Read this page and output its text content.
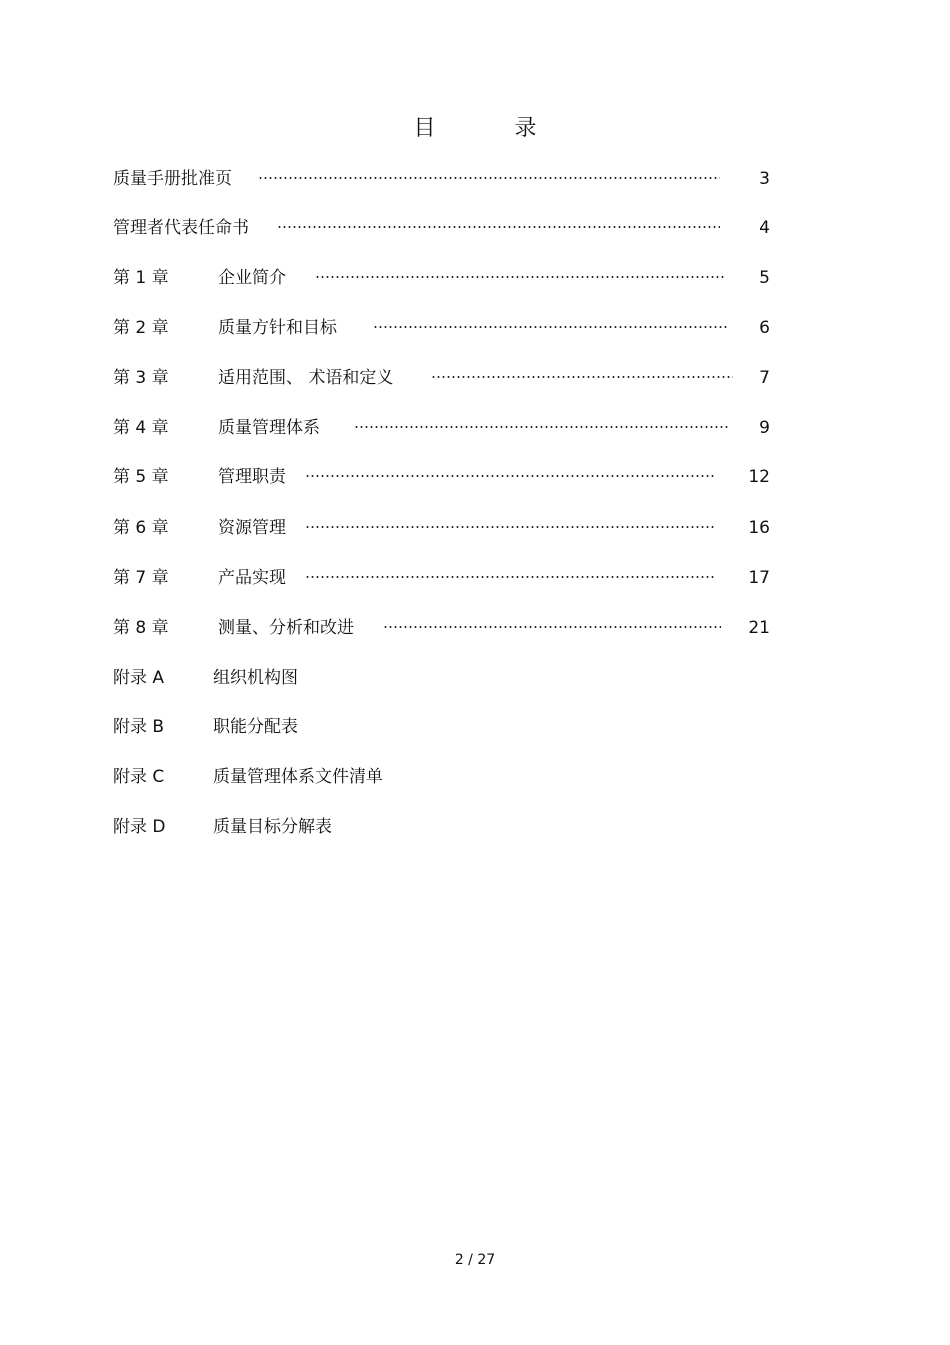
目 录
质量手册批准页	3
管理者代表任命书	4
第 1 章	企业简介	5
第 2 章	质量方针和目标	6
第 3 章	适用范围、 术语和定义	7
第 4 章	质量管理体系	9
第 5 章	管理职责	12
第 6 章	资源管理	16
第 7 章	产品实现	17
第 8 章	测量、分析和改进	21
附录 A	组织机构图
附录 B	职能分配表
附录 C	质量管理体系文件清单
附录 D	质量目标分解表
2 / 27
